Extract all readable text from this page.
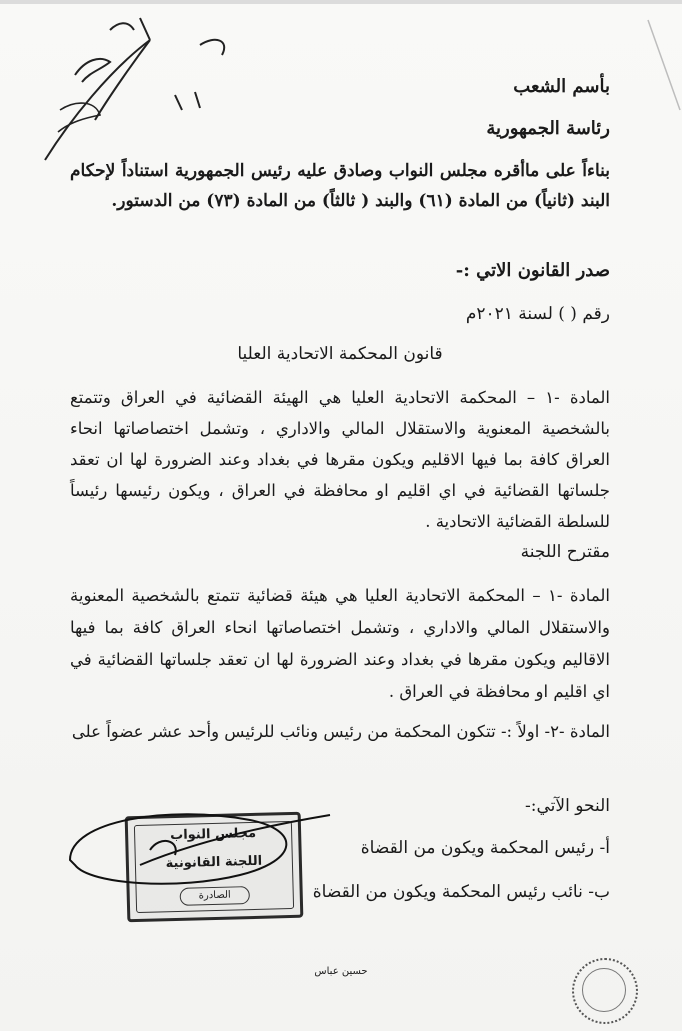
بأسم الشعب
رئاسة الجمهورية
بناءاً على ماأقره مجلس النواب وصادق عليه رئيس الجمهورية استناداً لإحكام البند (ثانياً) من المادة (٦١) والبند ( ثالثاً) من المادة (٧٣) من الدستور.
صدر القانون الاتي :-
رقم ( ) لسنة ٢٠٢١م
قانون المحكمة الاتحادية العليا
المادة -١ – المحكمة الاتحادية العليا هي الهيئة القضائية في العراق وتتمتع بالشخصية المعنوية والاستقلال المالي والاداري ، وتشمل اختصاصاتها انحاء العراق كافة بما فيها الاقليم ويكون مقرها في بغداد وعند الضرورة لها ان تعقد جلساتها القضائية في اي اقليم او محافظة في العراق ، ويكون رئيسها رئيساً للسلطة القضائية الاتحادية .
مقترح اللجنة
المادة -١ – المحكمة الاتحادية العليا هي هيئة قضائية تتمتع بالشخصية المعنوية والاستقلال المالي والاداري ، وتشمل اختصاصاتها انحاء العراق كافة بما فيها الاقاليم ويكون مقرها في بغداد وعند الضرورة لها ان تعقد جلساتها القضائية في اي اقليم او محافظة في العراق .
المادة -٢- اولاً :- تتكون المحكمة من رئيس ونائب للرئيس وأحد عشر عضواً على
النحو الآتي:-
أ- رئيس المحكمة ويكون من القضاة
ب- نائب رئيس المحكمة ويكون من القضاة
مجلس النواب
اللجنة القانونية
الصادرة
حسين عباس
